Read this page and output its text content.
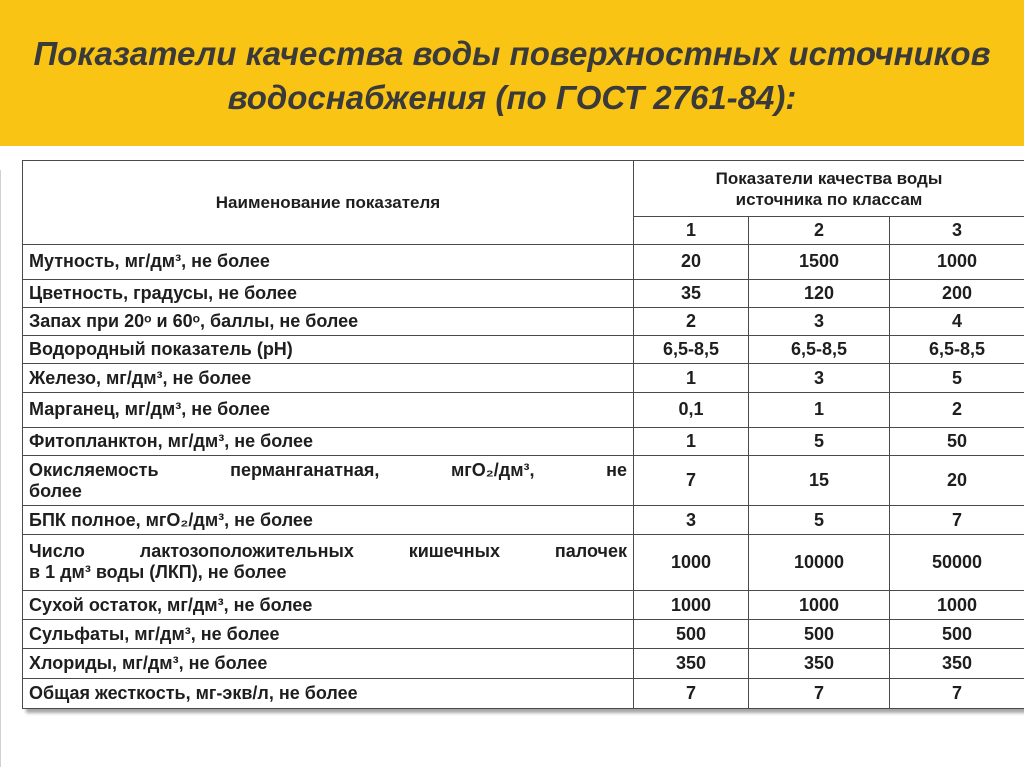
Показатели качества воды поверхностных источников
водоснабжения (по ГОСТ 2761-84):
Наименование показателя	Показатели качества воды
источника по классам		

	1	2	3
Мутность, мг/дм³, не более	20	1500	1000
Цветность, градусы, не более	35	120	200
Запах при 20ᵒ и 60ᵒ, баллы, не более	2	3	4
Водородный показатель (pH)	6,5-8,5	6,5-8,5	6,5-8,5
Железо, мг/дм³, не более	1	3	5
Марганец, мг/дм³, не более	0,1	1	2
Фитопланктон, мг/дм³, не более	1	5	50

Окисляемость перманганатная, мгО₂/дм³, не
более	7	15	20
БПК полное, мгО₂/дм³, не более	3	5	7

Число лактозоположительных кишечных палочек
в 1 дм³ воды (ЛКП), не более	1000	10000	50000
Сухой остаток, мг/дм³, не более	1000	1000	1000
Сульфаты, мг/дм³, не более	500	500	500
Хлориды, мг/дм³, не более	350	350	350
Общая жесткость, мг-экв/л, не более	7	7	7
